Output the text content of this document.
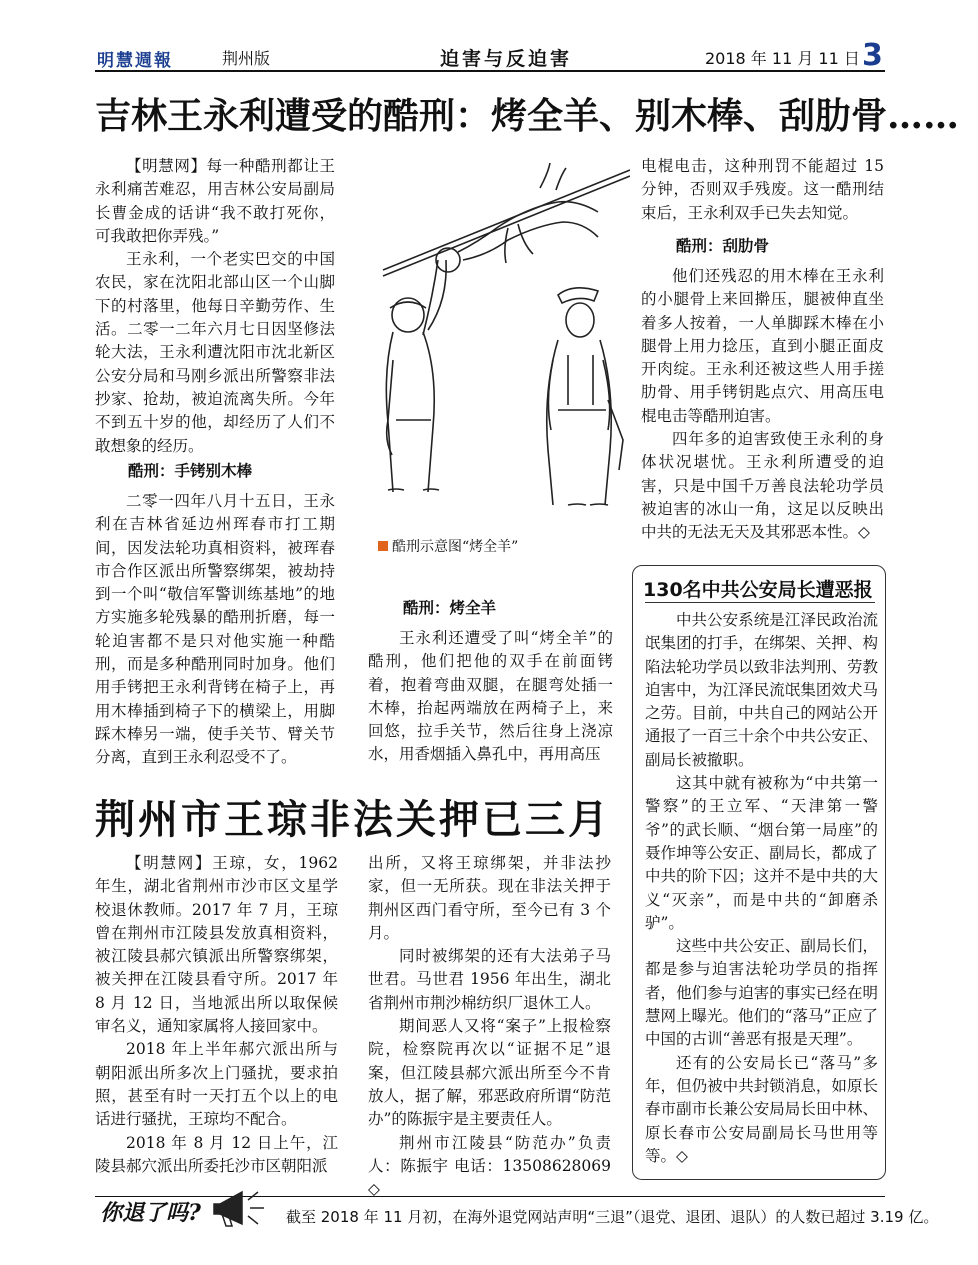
明慧週報	荆州版	迫害与反迫害	2018 年 11 月 11 日 3
吉林王永利遭受的酷刑：烤全羊、别木棒、刮肋骨……

【明慧网】每一种酷刑都让王永利痛苦难忍，用吉林公安局副局长曹金成的话讲“我不敢打死你，可我敢把你弄残。”

王永利，一个老实巴交的中国农民，家在沈阳北部山区一个山脚下的村落里，他每日辛勤劳作、生活。二零一二年六月七日因坚修法轮大法，王永利遭沈阳市沈北新区公安分局和马刚乡派出所警察非法抄家、抢劫，被迫流离失所。今年不到五十岁的他，却经历了人们不敢想象的经历。

酷刑：手铐别木棒

二零一四年八月十五日，王永利在吉林省延边州珲春市打工期间，因发法轮功真相资料，被珲春市合作区派出所警察绑架，被劫持到一个叫“敬信军警训练基地”的地方实施多轮残暴的酷刑折磨，每一轮迫害都不是只对他实施一种酷刑，而是多种酷刑同时加身。他们用手铐把王永利背铐在椅子上，再用木棒插到椅子下的横梁上，用脚踩木棒另一端，使手关节、臂关节分离，直到王永利忍受不了。

酷刑示意图“烤全羊”
酷刑：烤全羊

王永利还遭受了叫“烤全羊”的酷刑，他们把他的双手在前面铐着，抱着弯曲双腿，在腿弯处插一木棒，抬起两端放在两椅子上，来回悠，拉手关节，然后往身上浇凉水，用香烟插入鼻孔中，再用高压

电棍电击，这种刑罚不能超过 15 分钟，否则双手残废。这一酷刑结束后，王永利双手已失去知觉。

酷刑：刮肋骨

他们还残忍的用木棒在王永利的小腿骨上来回擀压，腿被伸直坐着多人按着，一人单脚踩木棒在小腿骨上用力捻压，直到小腿正面皮开肉绽。王永利还被这些人用手搓肋骨、用手铐钥匙点穴、用高压电棍电击等酷刑迫害。

四年多的迫害致使王永利的身体状况堪忧。王永利所遭受的迫害，只是中国千万善良法轮功学员被迫害的冰山一角，这足以反映出中共的无法无天及其邪恶本性。◇

130名中共公安局长遭恶报

中共公安系统是江泽民政治流氓集团的打手，在绑架、关押、构陷法轮功学员以致非法判刑、劳教迫害中，为江泽民流氓集团效犬马之劳。目前，中共自己的网站公开通报了一百三十余个中共公安正、副局长被撤职。

这其中就有被称为“中共第一警察”的王立军、“天津第一警爷”的武长顺、“烟台第一局座”的聂作坤等公安正、副局长，都成了中共的阶下囚；这并不是中共的大义“灭亲”，而是中共的“卸磨杀驴”。

这些中共公安正、副局长们，都是参与迫害法轮功学员的指挥者，他们参与迫害的事实已经在明慧网上曝光。他们的“落马”正应了中国的古训“善恶有报是天理”。

还有的公安局长已“落马”多年，但仍被中共封锁消息，如原长春市副市长兼公安局局长田中林、原长春市公安局副局长马世用等等。◇

荆州市王琼非法关押已三月

【明慧网】王琼，女，1962 年生，湖北省荆州市沙市区文星学校退休教师。2017 年 7 月，王琼曾在荆州市江陵县发放真相资料，被江陵县郝穴镇派出所警察绑架，被关押在江陵县看守所。2017 年 8 月 12 日，当地派出所以取保候审名义，通知家属将人接回家中。

2018 年上半年郝穴派出所与朝阳派出所多次上门骚扰，要求拍照，甚至有时一天打五个以上的电话进行骚扰，王琼均不配合。

2018 年 8 月 12 日上午，江陵县郝穴派出所委托沙市区朝阳派

出所，又将王琼绑架，并非法抄家，但一无所获。现在非法关押于荆州区西门看守所，至今已有 3 个月。

同时被绑架的还有大法弟子马世君。马世君 1956 年出生，湖北省荆州市荆沙棉纺织厂退休工人。

期间恶人又将“案子”上报检察院，检察院再次以“证据不足”退案，但江陵县郝穴派出所至今不肯放人，据了解，邪恶政府所谓“防范办”的陈振宇是主要责任人。

荆州市江陵县“防范办”负责人：陈振宇 电话：13508628069 ◇

你退了吗?	截至 2018 年 11 月初，在海外退党网站声明“三退”（退党、退团、退队）的人数已超过 3.19 亿。
